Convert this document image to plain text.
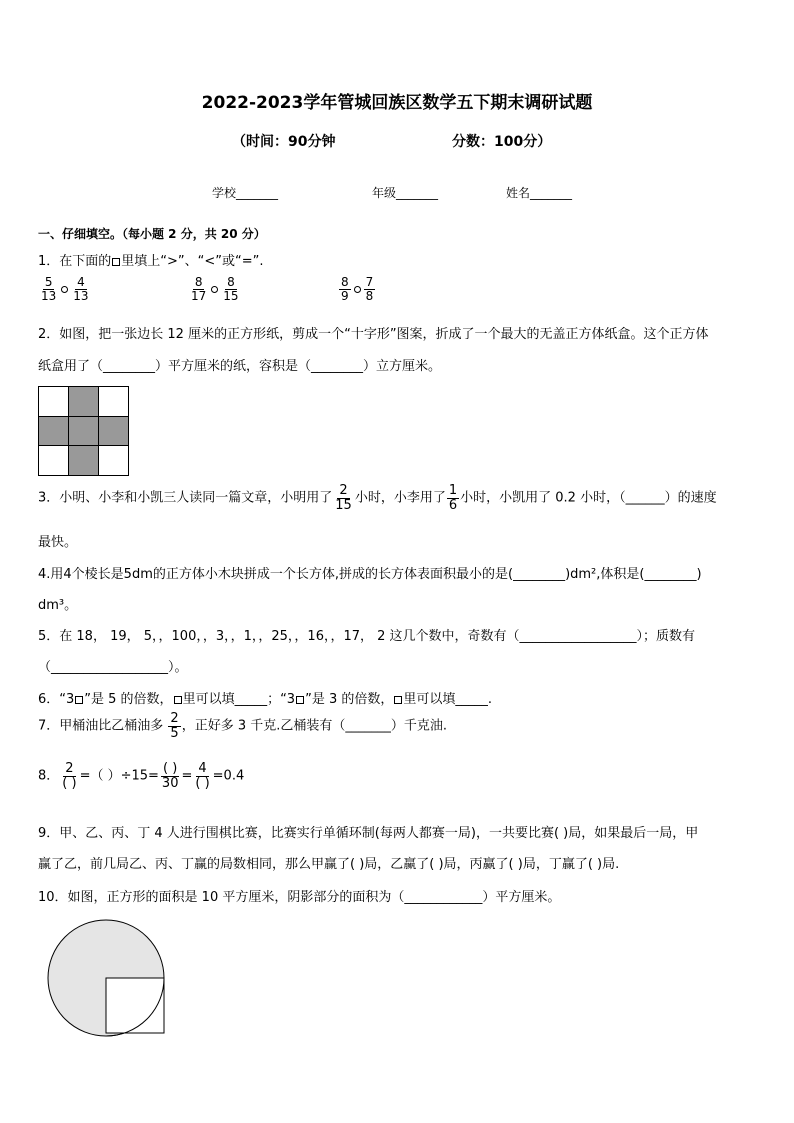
2022-2023学年管城回族区数学五下期末调研试题
（时间：90分钟	分数：100分）
学校_______	年级_______	姓名_______
一、仔细填空。（每小题 2 分，共 20 分）
1．在下面的 里填上“>”、“<”或“=”.
$\frac{5}{13} \frac{4}{13}$	$\frac{8}{17} \frac{8}{15}$	$\frac{8}{9} \frac{7}{8}$
2．如图，把一张边长 12 厘米的正方形纸，剪成一个“十字形”图案，折成了一个最大的无盖正方体纸盒。这个正方体
纸盒用了（________）平方厘米的纸，容积是（________）立方厘米。
3．小明、小李和小凯三人读同一篇文章，小明用了 $\frac{2}{15}$ 小时，小李用了 $\frac{1}{6}$ 小时，小凯用了 0.2 小时，（______）的速度
最快。
4.用4个棱长是5dm的正方体小木块拼成一个长方体,拼成的长方体表面积最小的是(________)dm²,体积是(________)
dm³。
5．在 18， 19， 5，，100，，3，，1，，25，，16，，17， 2 这几个数中，奇数有（__________________）；质数有
（__________________）。
6．“3 ”是 5 的倍数， 里可以填_____；“3 ”是 3 的倍数， 里可以填_____.
7．甲桶油比乙桶油多 $\frac{2}{5}$ ，正好多 3 千克.乙桶装有（_______）千克油.
8． $\frac{2}{( )}$ =（ ）$\div 15= \frac{( )}{30} = \frac{4}{( )} =0.4$
9．甲、乙、丙、丁 4 人进行围棋比赛，比赛实行单循环制(每两人都赛一局)，一共要比赛( )局，如果最后一局，甲
赢了乙，前几局乙、丙、丁赢的局数相同，那么甲赢了( )局，乙赢了( )局，丙赢了( )局，丁赢了( )局.
10．如图，正方形的面积是 10 平方厘米，阴影部分的面积为（____________）平方厘米。
